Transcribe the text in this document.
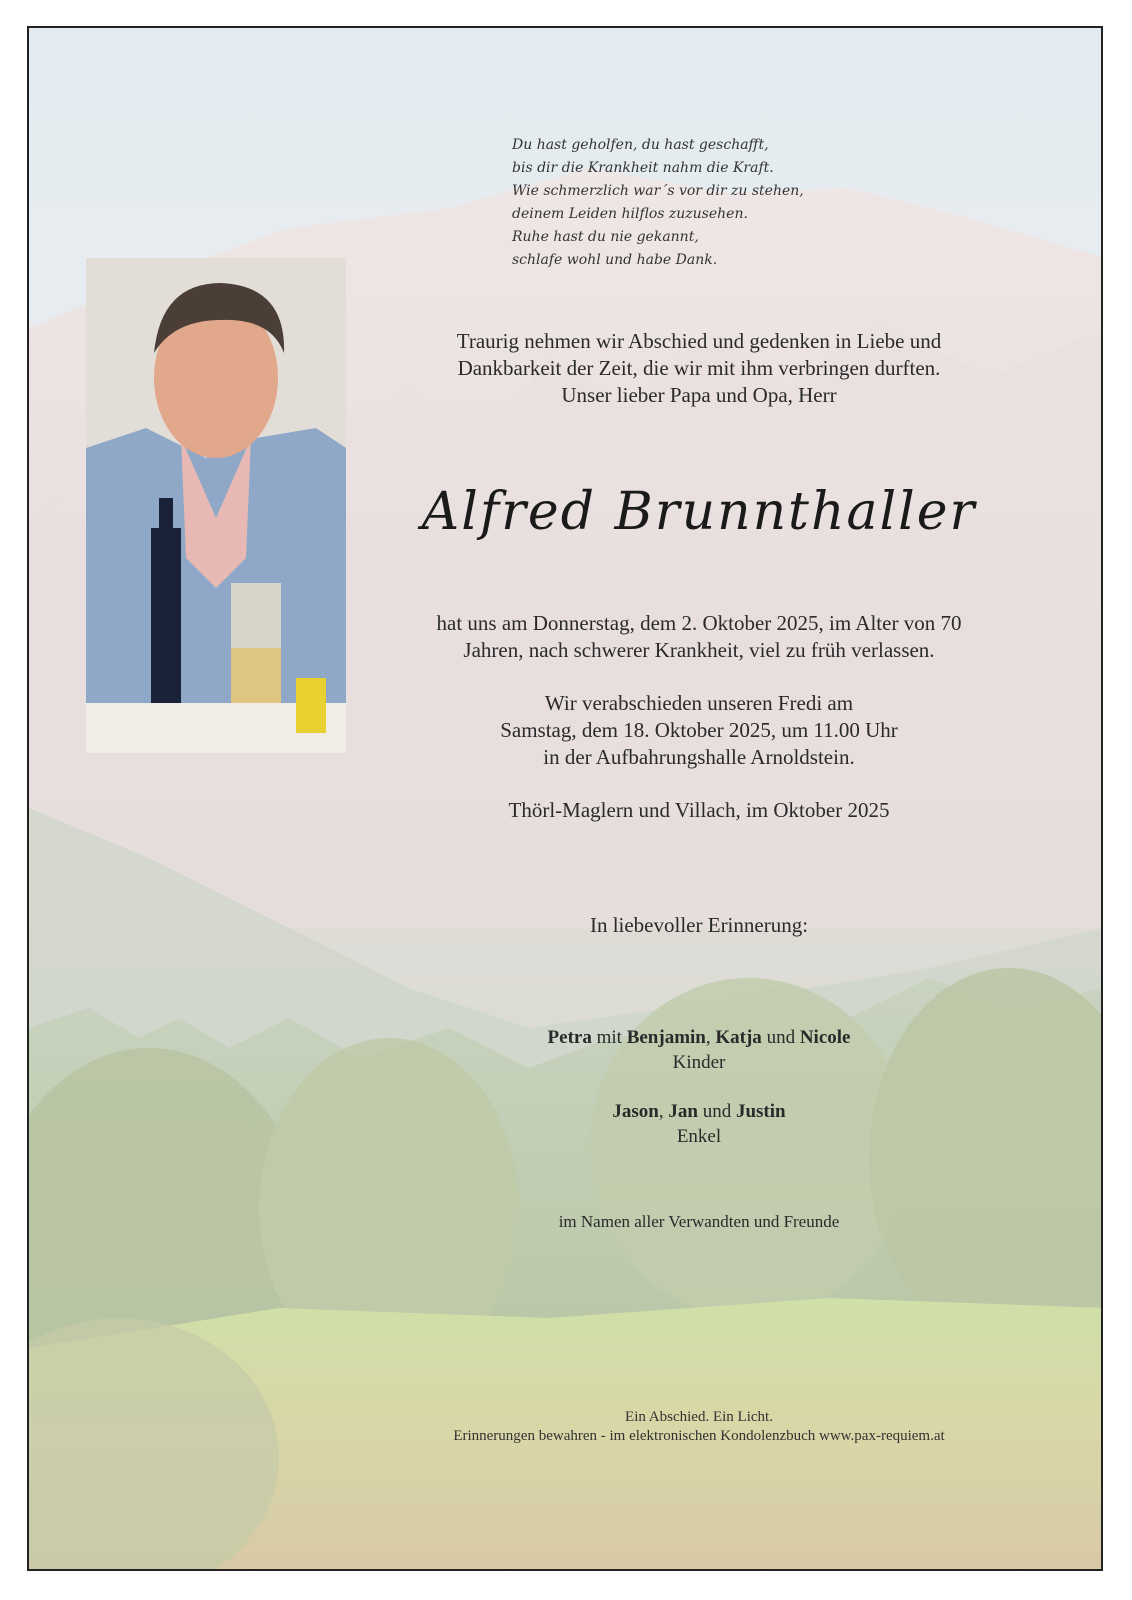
Du hast geholfen, du hast geschafft,
bis dir die Krankheit nahm die Kraft.
Wie schmerzlich war´s vor dir zu stehen,
deinem Leiden hilflos zuzusehen.
Ruhe hast du nie gekannt,
schlafe wohl und habe Dank.
Traurig nehmen wir Abschied und gedenken in Liebe und
Dankbarkeit der Zeit, die wir mit ihm verbringen durften.
Unser lieber Papa und Opa, Herr
Alfred Brunnthaller
hat uns am Donnerstag, dem 2. Oktober 2025, im Alter von 70
Jahren, nach schwerer Krankheit, viel zu früh verlassen.
Wir verabschieden unseren Fredi am
Samstag, dem 18. Oktober 2025, um 11.00 Uhr
in der Aufbahrungshalle Arnoldstein.
Thörl-Maglern und Villach, im Oktober 2025
In liebevoller Erinnerung:
Petra mit Benjamin, Katja und Nicole
Kinder
Jason, Jan und Justin
Enkel
im Namen aller Verwandten und Freunde
Ein Abschied. Ein Licht.
Erinnerungen bewahren - im elektronischen Kondolenzbuch www.pax-requiem.at
